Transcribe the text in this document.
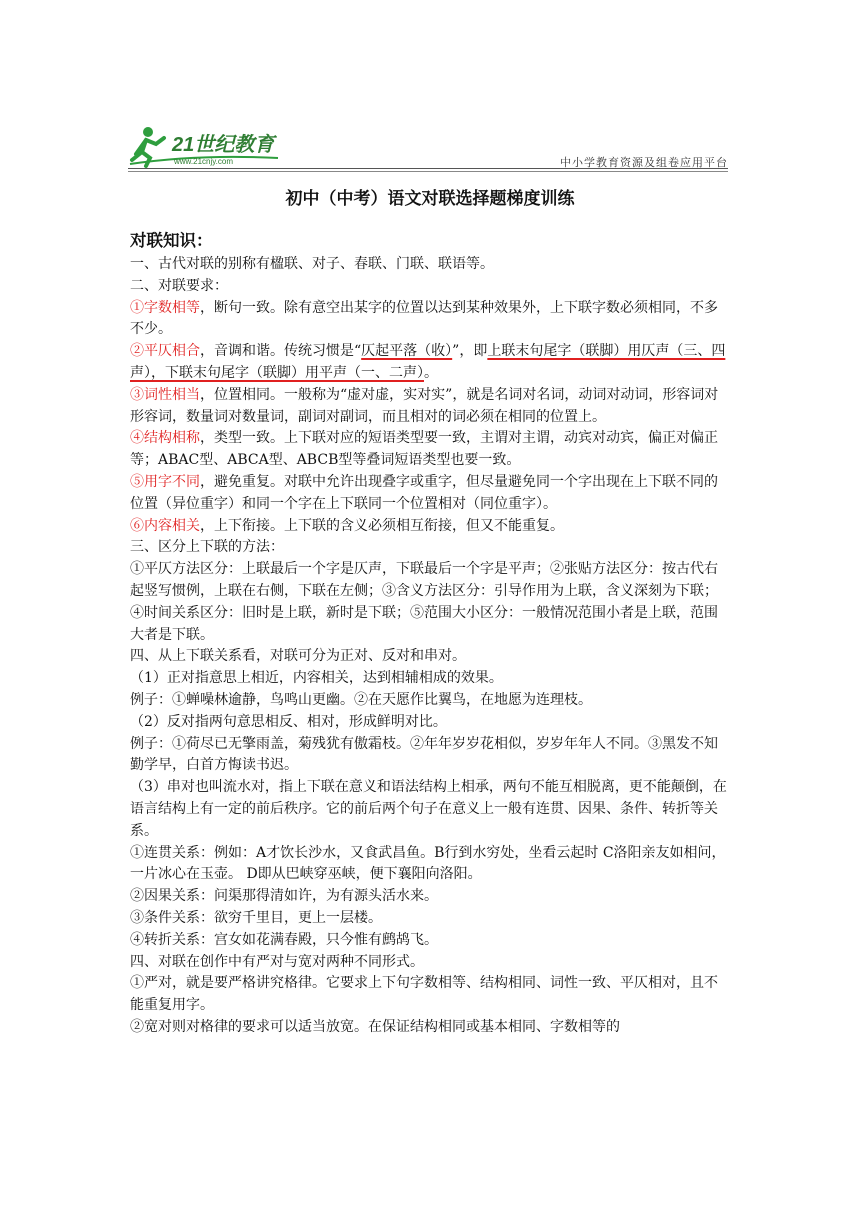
21世纪教育
www.21cnjy.com	中小学教育资源及组卷应用平台
初中（中考）语文对联选择题梯度训练
对联知识：

一、古代对联的别称有楹联、对子、春联、门联、联语等。

二、对联要求：

①字数相等，断句一致。除有意空出某字的位置以达到某种效果外，上下联字数必须相同，不多不少。

②平仄相合，音调和谐。传统习惯是“仄起平落（收）”，即上联末句尾字（联脚）用仄声（三、四声），下联末句尾字（联脚）用平声（一、二声）。

③词性相当，位置相同。一般称为“虚对虚，实对实”，就是名词对名词，动词对动词，形容词对形容词，数量词对数量词，副词对副词，而且相对的词必须在相同的位置上。

④结构相称，类型一致。上下联对应的短语类型要一致，主谓对主谓，动宾对动宾，偏正对偏正等；ABAC型、ABCA型、ABCB型等叠词短语类型也要一致。

⑤用字不同，避免重复。对联中允许出现叠字或重字，但尽量避免同一个字出现在上下联不同的位置（异位重字）和同一个字在上下联同一个位置相对（同位重字）。

⑥内容相关，上下衔接。上下联的含义必须相互衔接，但又不能重复。

三、区分上下联的方法：

①平仄方法区分：上联最后一个字是仄声，下联最后一个字是平声；②张贴方法区分：按古代右起竖写惯例，上联在右侧，下联在左侧；③含义方法区分：引导作用为上联，含义深刻为下联；④时间关系区分：旧时是上联，新时是下联；⑤范围大小区分：一般情况范围小者是上联，范围大者是下联。

四、从上下联关系看，对联可分为正对、反对和串对。

（1）正对指意思上相近，内容相关，达到相辅相成的效果。

例子：①蝉噪林逾静，鸟鸣山更幽。②在天愿作比翼鸟，在地愿为连理枝。

（2）反对指两句意思相反、相对，形成鲜明对比。

例子：①荷尽已无擎雨盖，菊残犹有傲霜枝。②年年岁岁花相似，岁岁年年人不同。③黑发不知勤学早，白首方悔读书迟。

（3）串对也叫流水对，指上下联在意义和语法结构上相承，两句不能互相脱离，更不能颠倒，在语言结构上有一定的前后秩序。它的前后两个句子在意义上一般有连贯、因果、条件、转折等关系。

①连贯关系：例如：A才饮长沙水，又食武昌鱼。B行到水穷处，坐看云起时 C洛阳亲友如相问，一片冰心在玉壶。 D即从巴峡穿巫峡，便下襄阳向洛阳。

②因果关系：问渠那得清如许，为有源头活水来。

③条件关系：欲穷千里目，更上一层楼。

④转折关系：宫女如花满春殿，只今惟有鹧鸪飞。

四、对联在创作中有严对与宽对两种不同形式。

①严对，就是要严格讲究格律。它要求上下句字数相等、结构相同、词性一致、平仄相对，且不能重复用字。

②宽对则对格律的要求可以适当放宽。在保证结构相同或基本相同、字数相等的
